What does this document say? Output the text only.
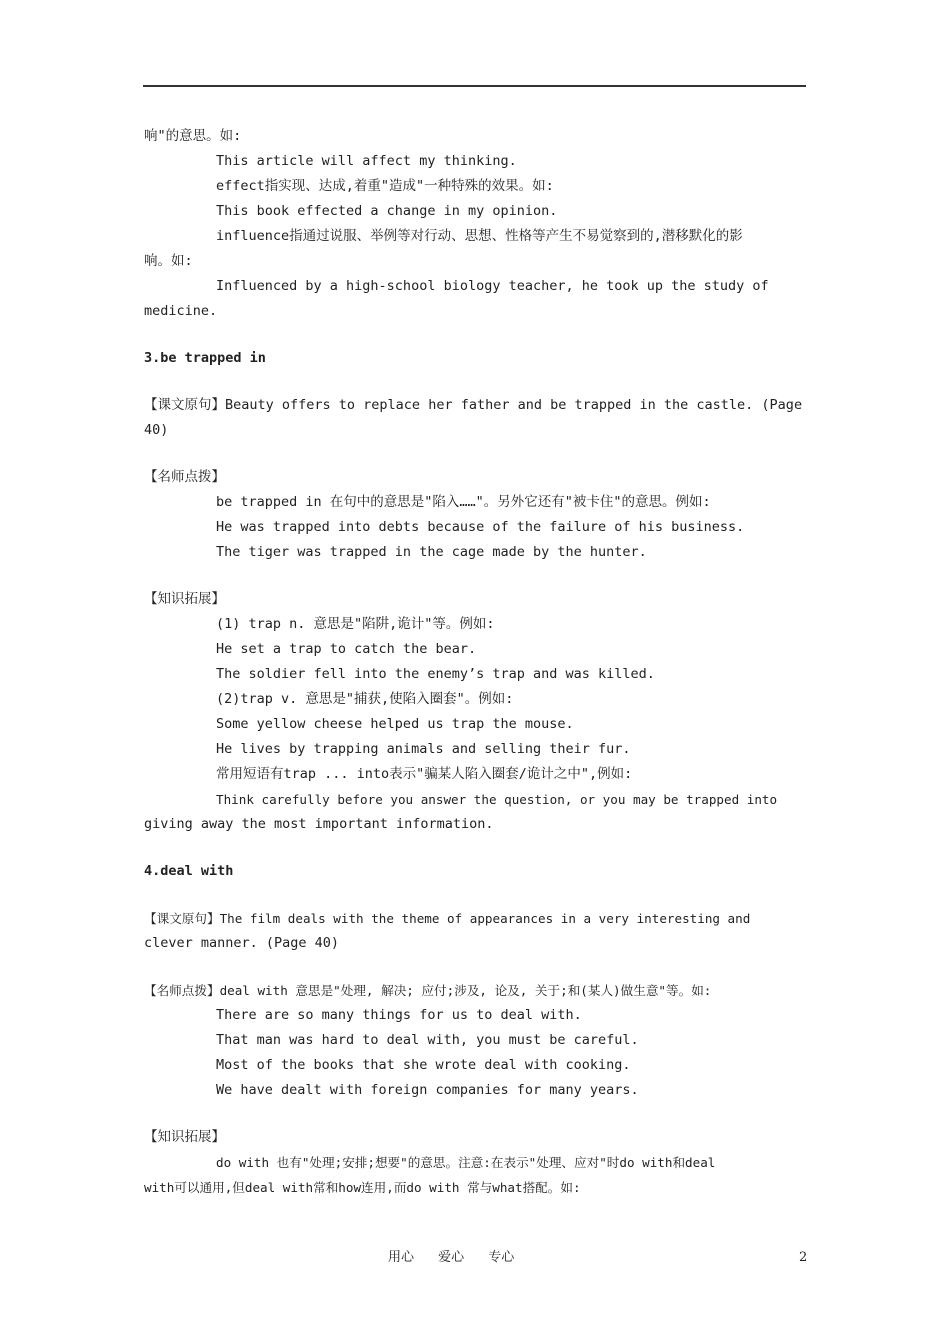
响"的意思。如:
This article will affect my thinking.
effect指实现、达成,着重"造成"一种特殊的效果。如:
This book effected a change in my opinion.
influence指通过说服、举例等对行动、思想、性格等产生不易觉察到的,潜移默化的影
响。如:
Influenced by a high-school biology teacher, he took up the study of
medicine.
3.be trapped in
【课文原句】Beauty offers to replace her father and be trapped in the castle. (Page
40)
【名师点拨】
be trapped in 在句中的意思是"陷入……"。另外它还有"被卡住"的意思。例如:
He was trapped into debts because of the failure of his business.
The tiger was trapped in the cage made by the hunter.
【知识拓展】
(1) trap n. 意思是"陷阱,诡计"等。例如:
He set a trap to catch the bear.
The soldier fell into the enemy’s trap and was killed.
(2)trap v. 意思是"捕获,使陷入圈套"。例如:
Some yellow cheese helped us trap the mouse.
He lives by trapping animals and selling their fur.
常用短语有trap ... into表示"骗某人陷入圈套/诡计之中",例如:
Think carefully before you answer the question, or you may be trapped into
giving away the most important information.
4.deal with
【课文原句】The film deals with the theme of appearances in a very interesting and
clever manner. (Page 40)
【名师点拨】deal with 意思是"处理, 解决; 应付;涉及, 论及, 关于;和(某人)做生意"等。如:
There are so many things for us to deal with.
That man was hard to deal with, you must be careful.
Most of the books that she wrote deal with cooking.
We have dealt with foreign companies for many years.
【知识拓展】
do with 也有"处理;安排;想要"的意思。注意:在表示"处理、应对"时do with和deal
with可以通用,但deal with常和how连用,而do with 常与what搭配。如:
用心 爱心 专心	2
